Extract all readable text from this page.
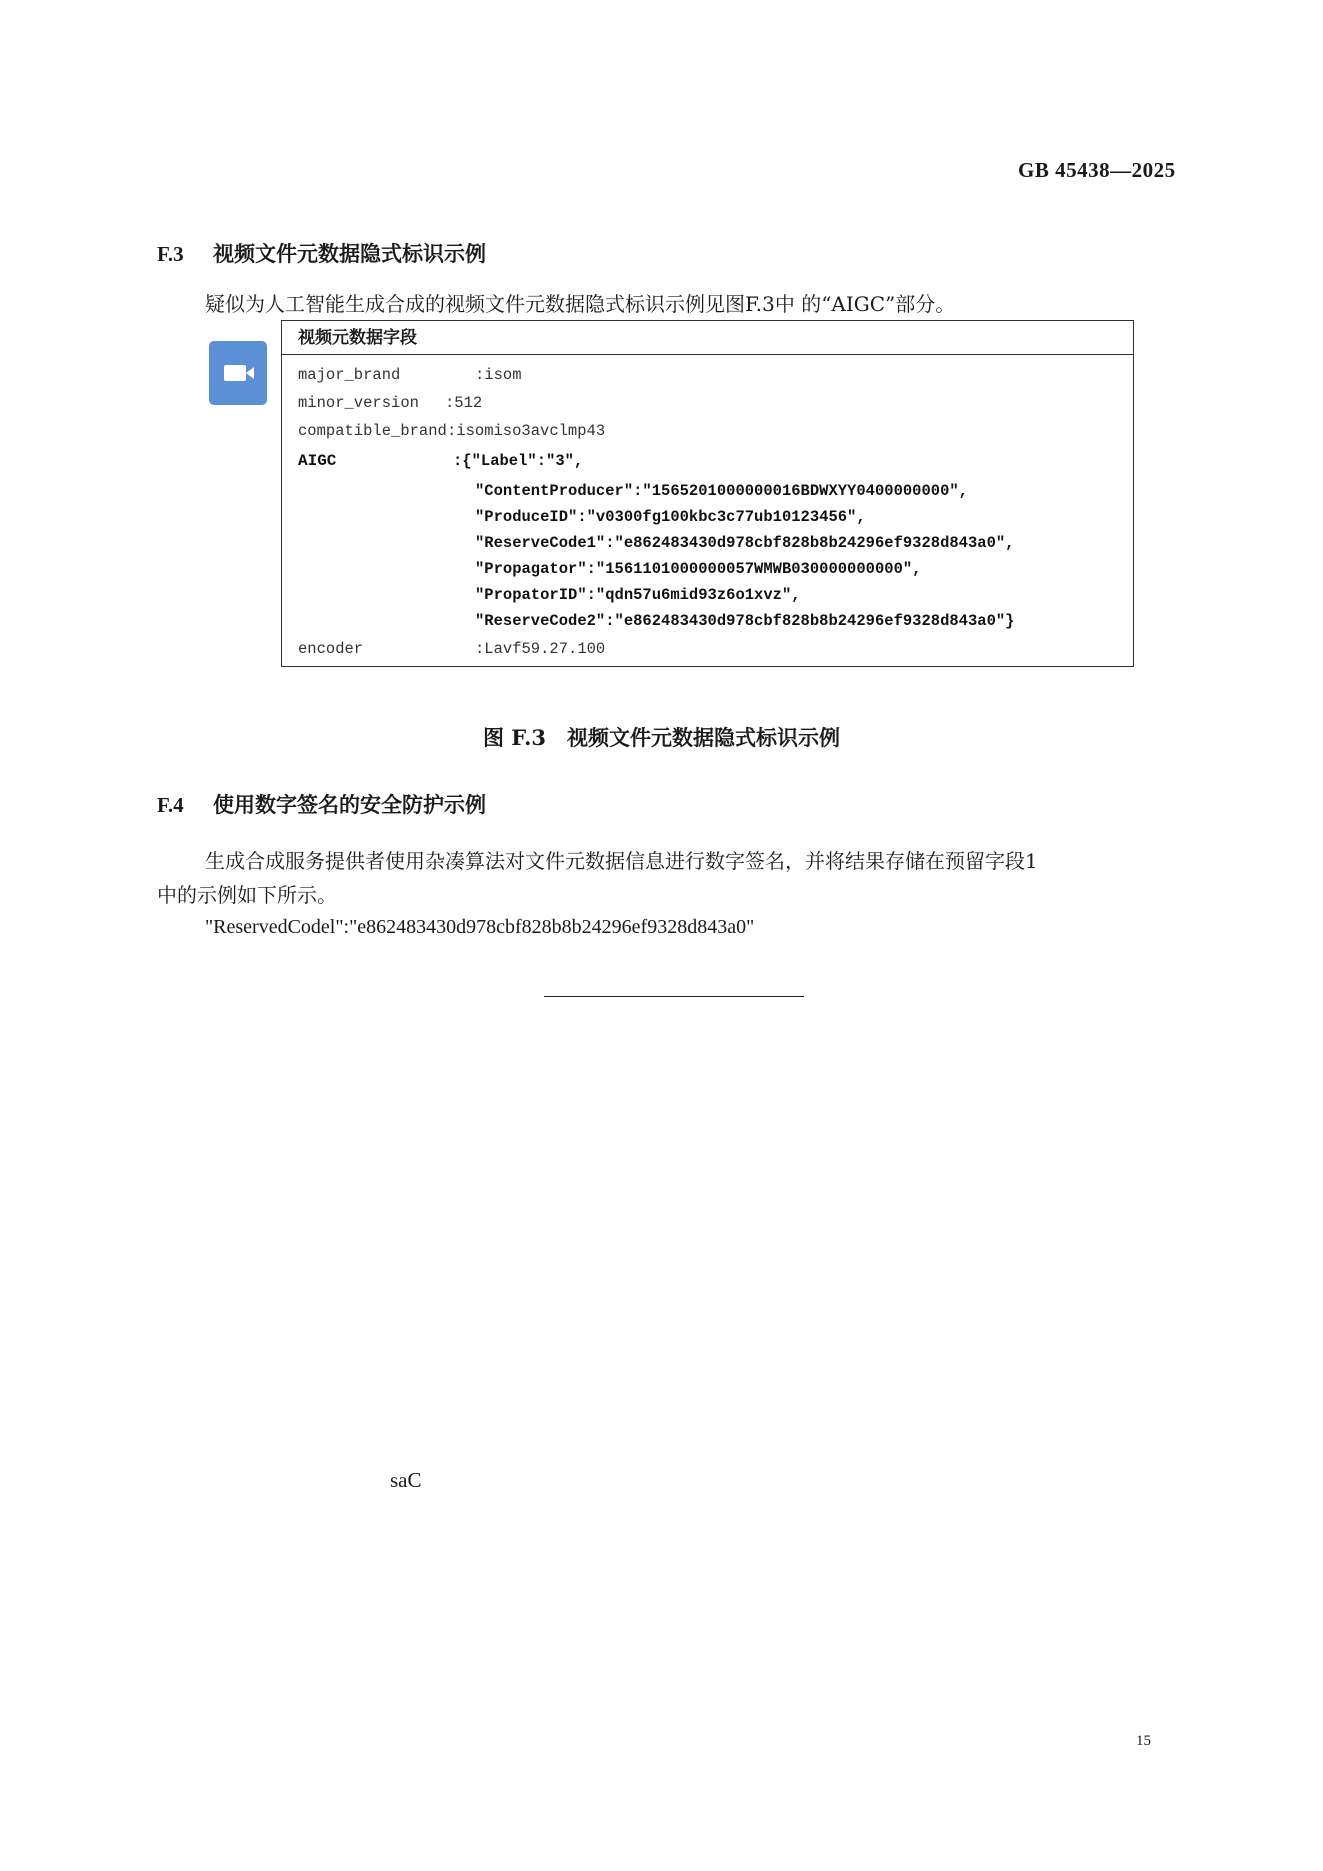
GB 45438—2025
F.3 视频文件元数据隐式标识示例
疑似为人工智能生成合成的视频文件元数据隐式标识示例见图F.3中 的“AIGC”部分。
视频元数据字段
major_brand	:isom
minor_version :512
compatible_brand :isomiso3avclmp43
AIGC	:{"Label":"3″,
"ContentProducer":"1565201000000016BDWXYY0400000000",
"ProduceID":"v0300fg100kbc3c77ub10123456",
"ReserveCode1":"e862483430d978cbf828b8b24296ef9328d843a0",
"Propagator":"1561101000000057WMWB030000000000",
"PropatorID":"qdn57u6mid93z6o1xvz",
"ReserveCode2":"e862483430d978cbf828b8b24296ef9328d843a0"}
encoder	:Lavf59.27.100
图 F.3　视频文件元数据隐式标识示例
F.4 使用数字签名的安全防护示例
生成合成服务提供者使用杂凑算法对文件元数据信息进行数字签名，并将结果存储在预留字段1
中的示例如下所示。
"ReservedCodel":"e862483430d978cbf828b8b24296ef9328d843a0"
saC
15
